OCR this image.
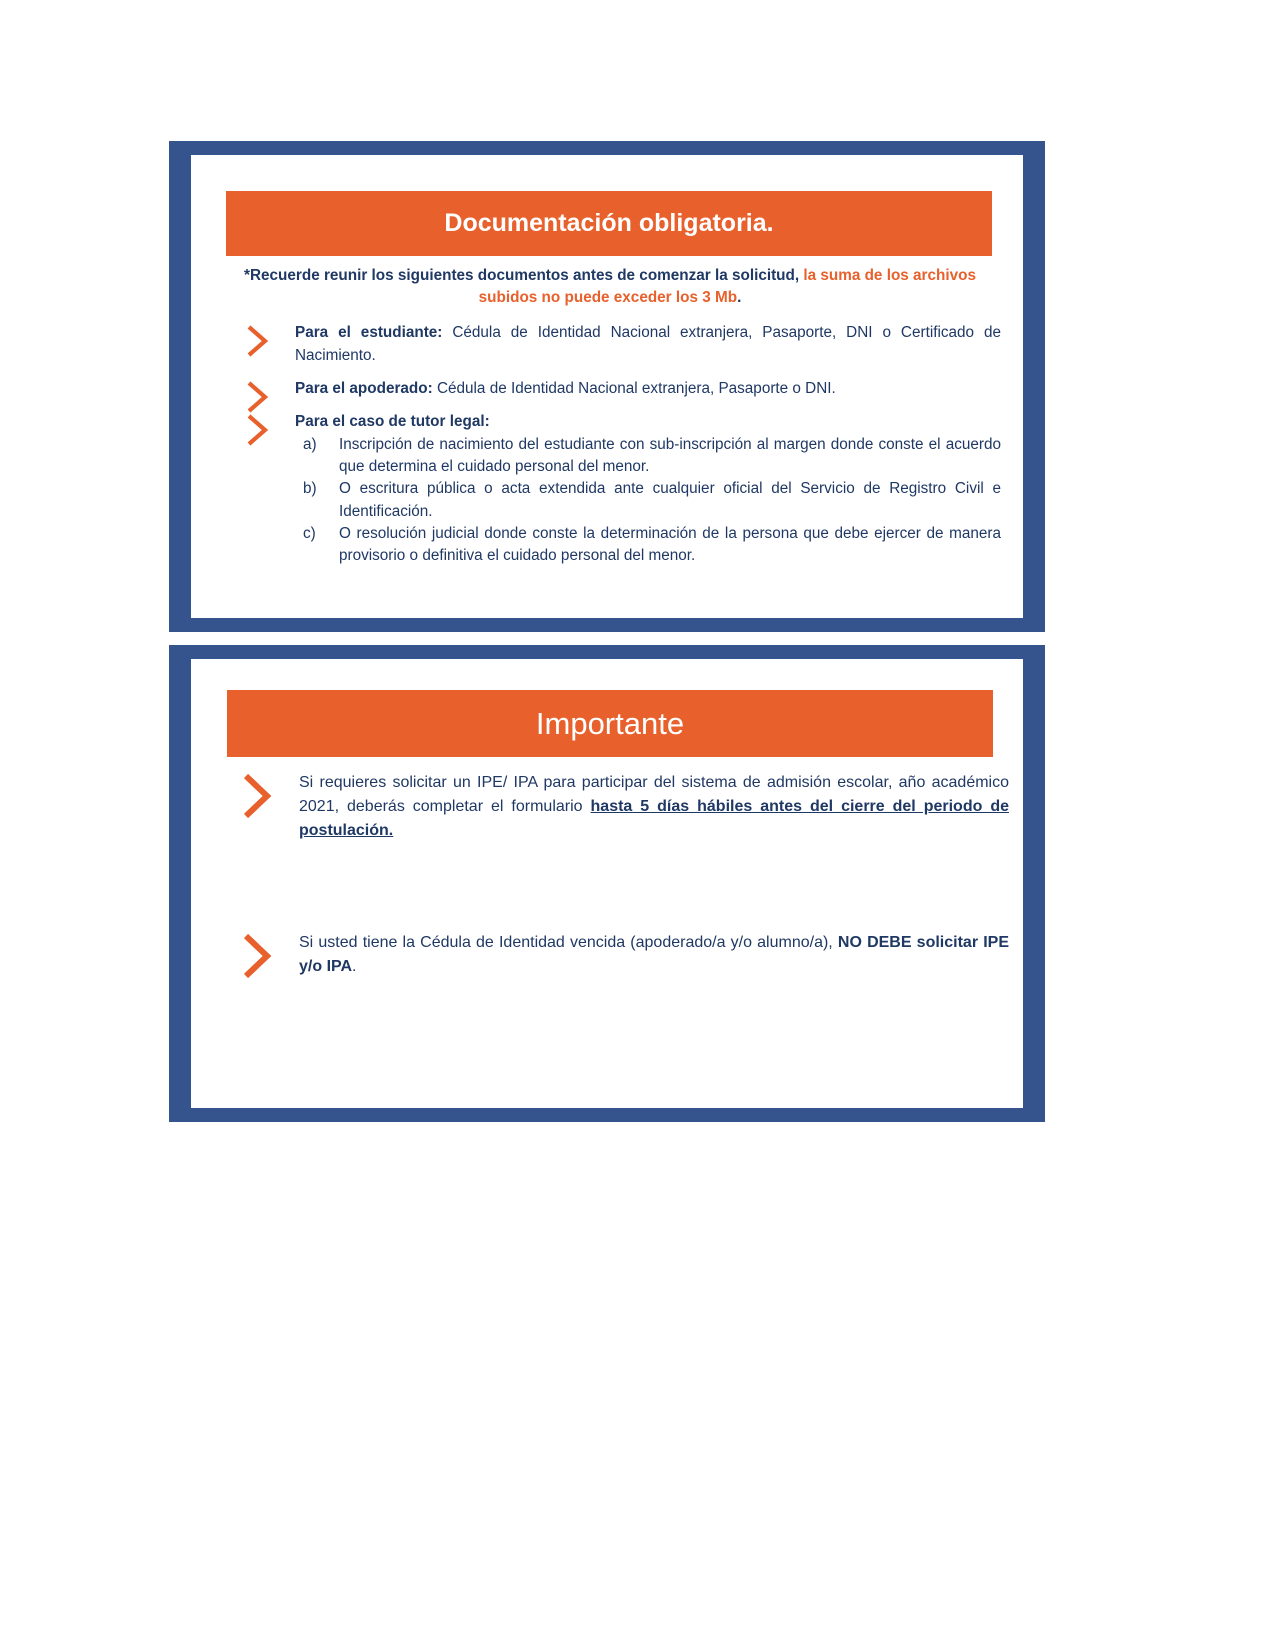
Documentación obligatoria.

*Recuerde reunir los siguientes documentos antes de comenzar la solicitud, la suma de los archivos subidos no puede exceder los 3 Mb.

Para el estudiante: Cédula de Identidad Nacional extranjera, Pasaporte, DNI o Certificado de Nacimiento.

Para el apoderado: Cédula de Identidad Nacional extranjera, Pasaporte o DNI.

Para el caso de tutor legal:

a)	Inscripción de nacimiento del estudiante con sub-inscripción al margen donde conste el acuerdo que determina el cuidado personal del menor.
b)	O escritura pública o acta extendida ante cualquier oficial del Servicio de Registro Civil e Identificación.
c)	O resolución judicial donde conste la determinación de la persona que debe ejercer de manera provisorio o definitiva el cuidado personal del menor.
Importante

Si requieres solicitar un IPE/ IPA para participar del sistema de admisión escolar, año académico 2021, deberás completar el formulario hasta 5 días hábiles antes del cierre del periodo de postulación.

Si usted tiene la Cédula de Identidad vencida (apoderado/a y/o alumno/a), NO DEBE solicitar IPE y/o IPA.
